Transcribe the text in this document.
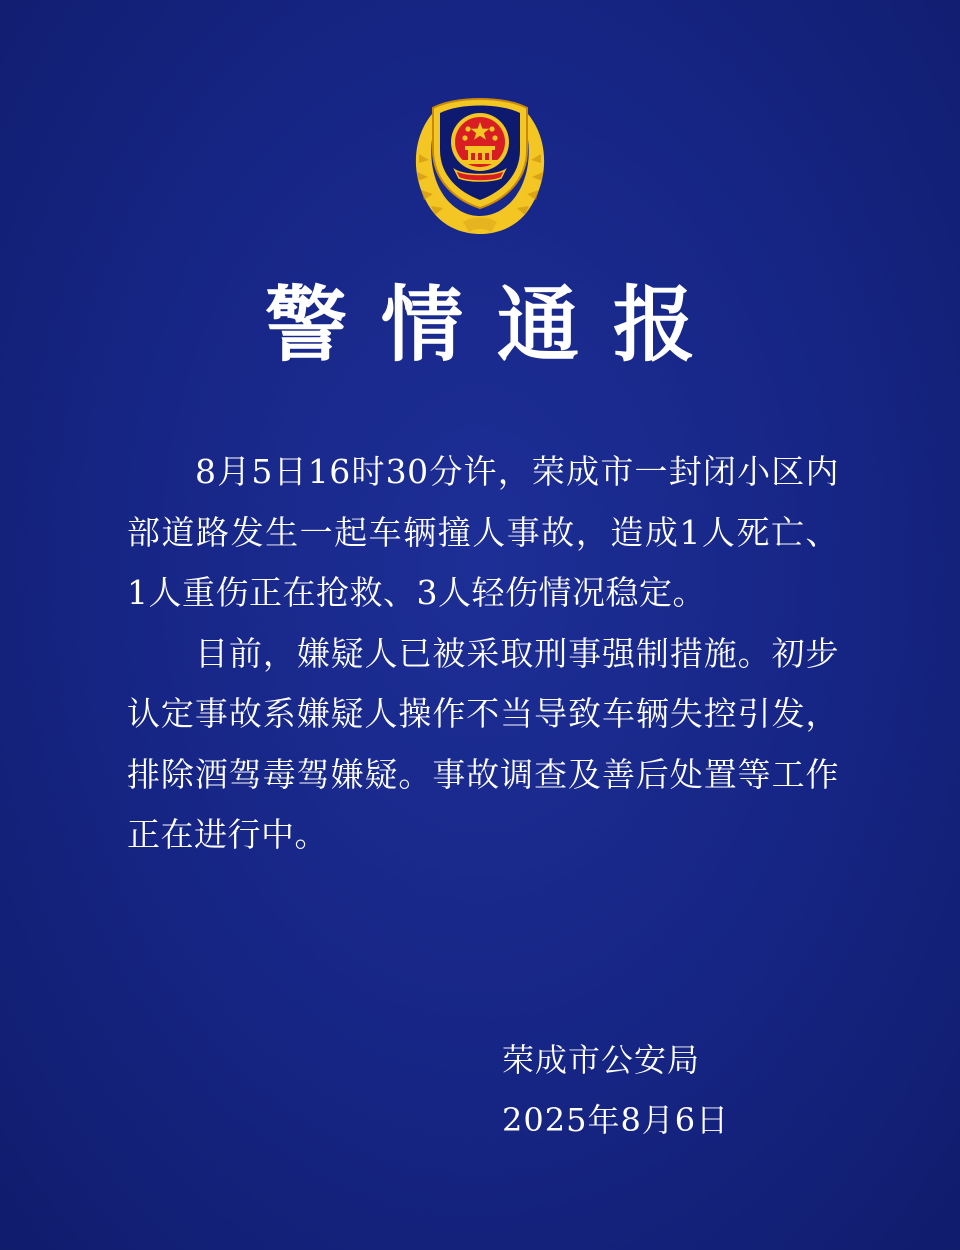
警情通报

8月5日16时30分许，荣成市一封闭小区内部道路发生一起车辆撞人事故，造成1人死亡、1人重伤正在抢救、3人轻伤情况稳定。

目前，嫌疑人已被采取刑事强制措施。初步认定事故系嫌疑人操作不当导致车辆失控引发，排除酒驾毒驾嫌疑。事故调查及善后处置等工作正在进行中。

荣成市公安局
2025年8月6日
